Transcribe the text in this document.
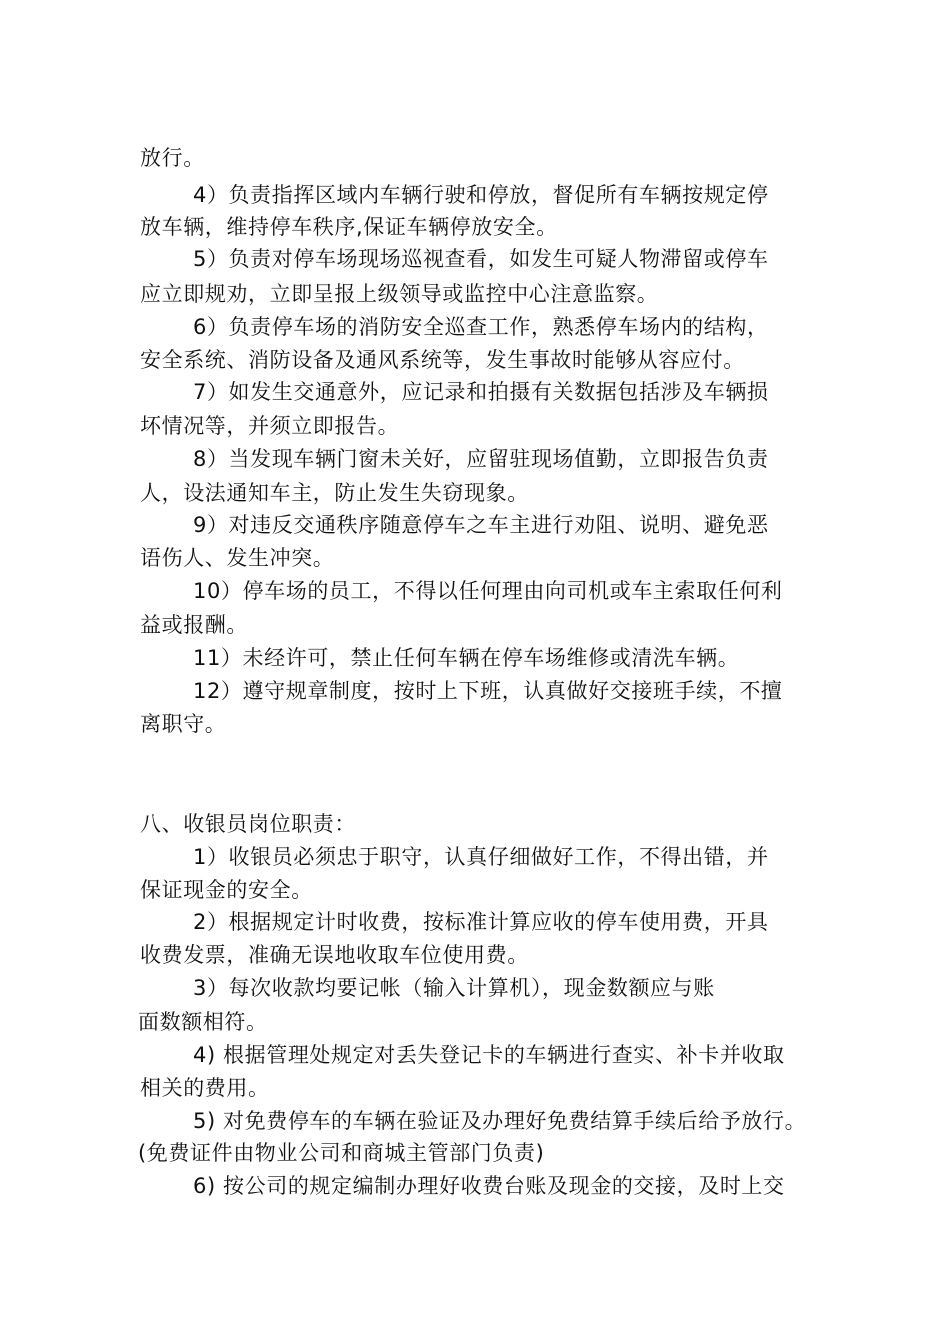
放行。
4）负责指挥区域内车辆行驶和停放，督促所有车辆按规定停
放车辆，维持停车秩序,保证车辆停放安全。
5）负责对停车场现场巡视查看，如发生可疑人物滞留或停车
应立即规劝，立即呈报上级领导或监控中心注意监察。
6）负责停车场的消防安全巡查工作，熟悉停车场内的结构，
安全系统、消防设备及通风系统等，发生事故时能够从容应付。
7）如发生交通意外，应记录和拍摄有关数据包括涉及车辆损
坏情况等，并须立即报告。
8）当发现车辆门窗未关好，应留驻现场值勤，立即报告负责
人，设法通知车主，防止发生失窃现象。
9）对违反交通秩序随意停车之车主进行劝阻、说明、避免恶
语伤人、发生冲突。
10）停车场的员工，不得以任何理由向司机或车主索取任何利
益或报酬。
11）未经许可，禁止任何车辆在停车场维修或清洗车辆。
12）遵守规章制度，按时上下班，认真做好交接班手续，不擅
离职守。
八、收银员岗位职责：
1）收银员必须忠于职守，认真仔细做好工作，不得出错，并
保证现金的安全。
2）根据规定计时收费，按标准计算应收的停车使用费，开具
收费发票，准确无误地收取车位使用费。
3）每次收款均要记帐（输入计算机），现金数额应与账
面数额相符。
4) 根据管理处规定对丢失登记卡的车辆进行查实、补卡并收取
相关的费用。
5) 对免费停车的车辆在验证及办理好免费结算手续后给予放行。
(免费证件由物业公司和商城主管部门负责)
6) 按公司的规定编制办理好收费台账及现金的交接，及时上交
